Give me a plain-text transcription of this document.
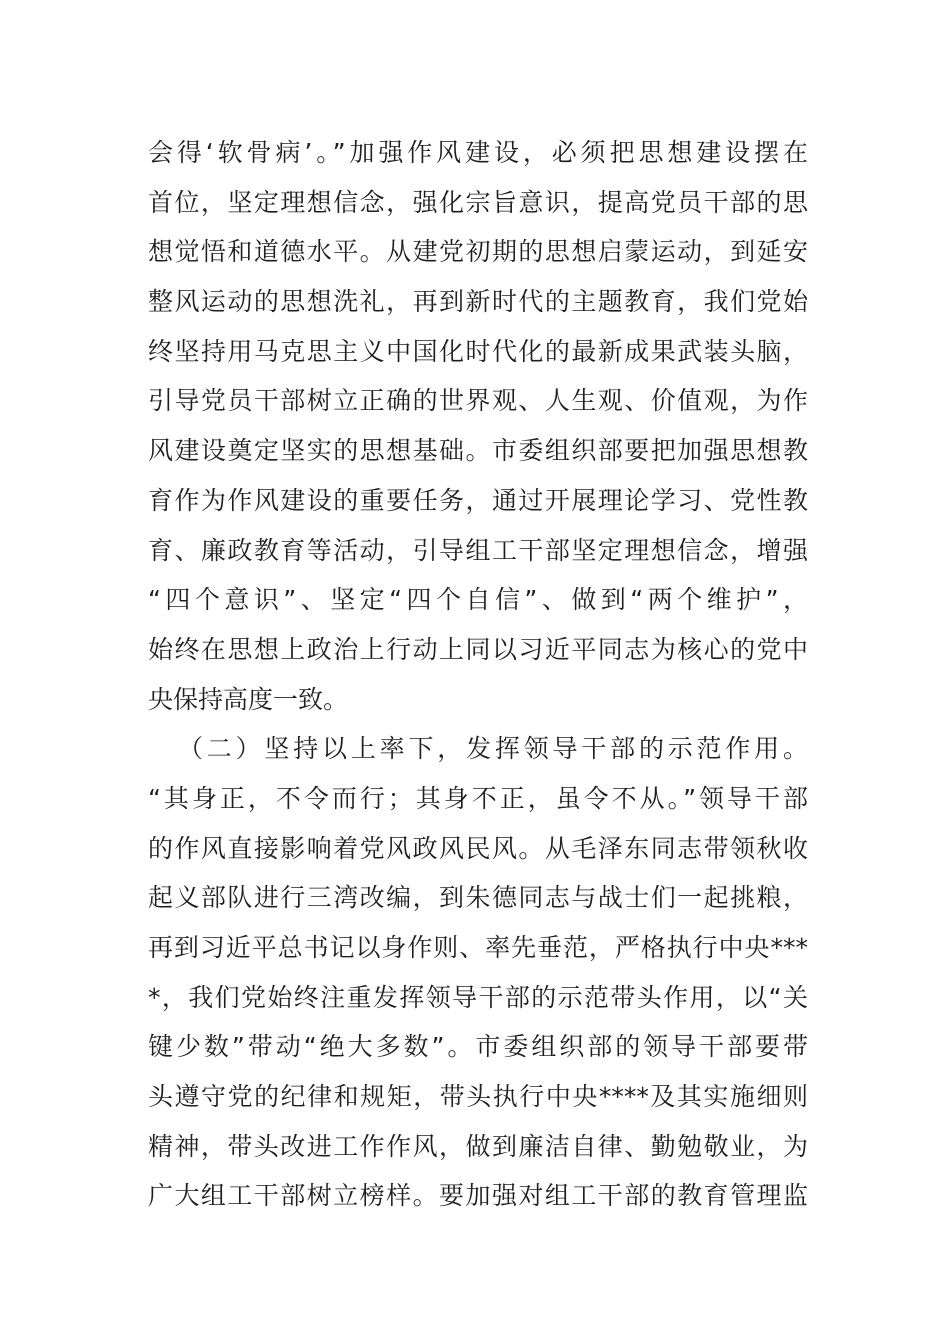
会得‘软骨病’。”加强作风建设，必须把思想建设摆在
首位，坚定理想信念，强化宗旨意识，提高党员干部的思
想觉悟和道德水平。从建党初期的思想启蒙运动，到延安
整风运动的思想洗礼，再到新时代的主题教育，我们党始
终坚持用马克思主义中国化时代化的最新成果武装头脑，
引导党员干部树立正确的世界观、人生观、价值观，为作
风建设奠定坚实的思想基础。市委组织部要把加强思想教
育作为作风建设的重要任务，通过开展理论学习、党性教
育、廉政教育等活动，引导组工干部坚定理想信念，增强
“四个意识”、坚定“四个自信”、做到“两个维护”，
始终在思想上政治上行动上同以习近平同志为核心的党中
央保持高度一致。
（二）坚持以上率下，发挥领导干部的示范作用。
“其身正，不令而行；其身不正，虽令不从。”领导干部
的作风直接影响着党风政风民风。从毛泽东同志带领秋收
起义部队进行三湾改编，到朱德同志与战士们一起挑粮，
再到习近平总书记以身作则、率先垂范，严格执行中央***
*，我们党始终注重发挥领导干部的示范带头作用，以“关
键少数”带动“绝大多数”。市委组织部的领导干部要带
头遵守党的纪律和规矩，带头执行中央****及其实施细则
精神，带头改进工作作风，做到廉洁自律、勤勉敬业，为
广大组工干部树立榜样。要加强对组工干部的教育管理监
